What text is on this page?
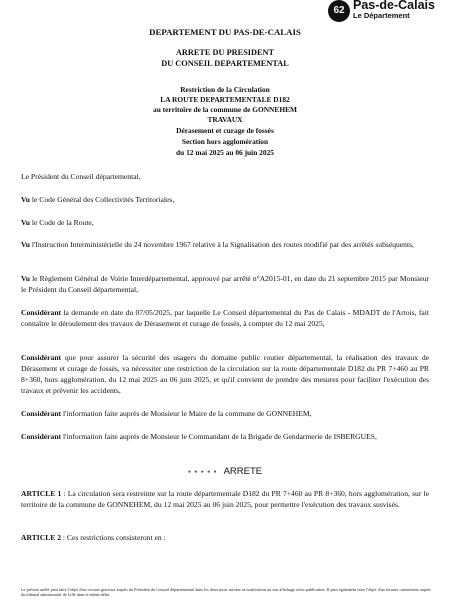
62 Pas-de-Calais
Le Département
DEPARTEMENT DU PAS-DE-CALAIS
ARRETE DU PRESIDENT
DU CONSEIL DEPARTEMENTAL
Restriction de la Circulation
LA ROUTE DEPARTEMENTALE D182
au territoire de la commune de GONNEHEM
TRAVAUX
Dérasement et curage de fossés
Section hors agglomération
du 12 mai 2025 au 06 juin 2025
Le Président du Conseil départemental,
Vu le Code Général des Collectivités Territoriales,
Vu le Code de la Route,
Vu l'Instruction Interministérielle du 24 novembre 1967 relative à la Signalisation des routes modifié par des arrêtés subséquents,
Vu le Règlement Général de Voirie Interdépartemental, approuvé par arrêté n°A2015-01, en date du 21 septembre 2015 par Monsieur le Président du Conseil départemental,
Considérant la demande en date du 07/05/2025, par laquelle Le Conseil départemental du Pas de Calais - MDADT de l'Artois, fait connaître le déroulement des travaux de Dérasement et curage de fossés, à compter du 12 mai 2025,
Considérant que pour assurer la sécurité des usagers du domaine public routier départemental, la réalisation des travaux de Dérasement et curage de fossés, va nécessiter une restriction de la circulation sur la route départementale D182 du PR 7+460 au PR 8+360, hors agglomération, du 12 mai 2025 au 06 juin 2025, et qu'il convient de prendre des mesures pour faciliter l'exécution des travaux et prévenir les accidents,
Considérant l'information faite auprès de Monsieur le Maire de la commune de GONNEHEM,
Considérant l'information faite auprès de Monsieur le Commandant de la Brigade de Gendarmerie de ISBERGUES,
● ● ● ● ● ARRETE
ARTICLE 1 : La circulation sera restreinte sur la route départementale D182 du PR 7+460 au PR 8+360, hors agglomération, sur le territoire de la commune de GONNEHEM, du 12 mai 2025 au 06 juin 2025, pour permettre l'exécution des travaux susvisés.
ARTICLE 2 : Ces restrictions consisteront en :
Le présent arrêté peut faire l'objet d'un recours gracieux auprès du Président du Conseil départemental dans les deux mois suivant sa notification ou son affichage et/ou publication. Il peut également faire l'objet d'un recours contentieux auprès du tribunal administratif de Lille dans le même délai.
